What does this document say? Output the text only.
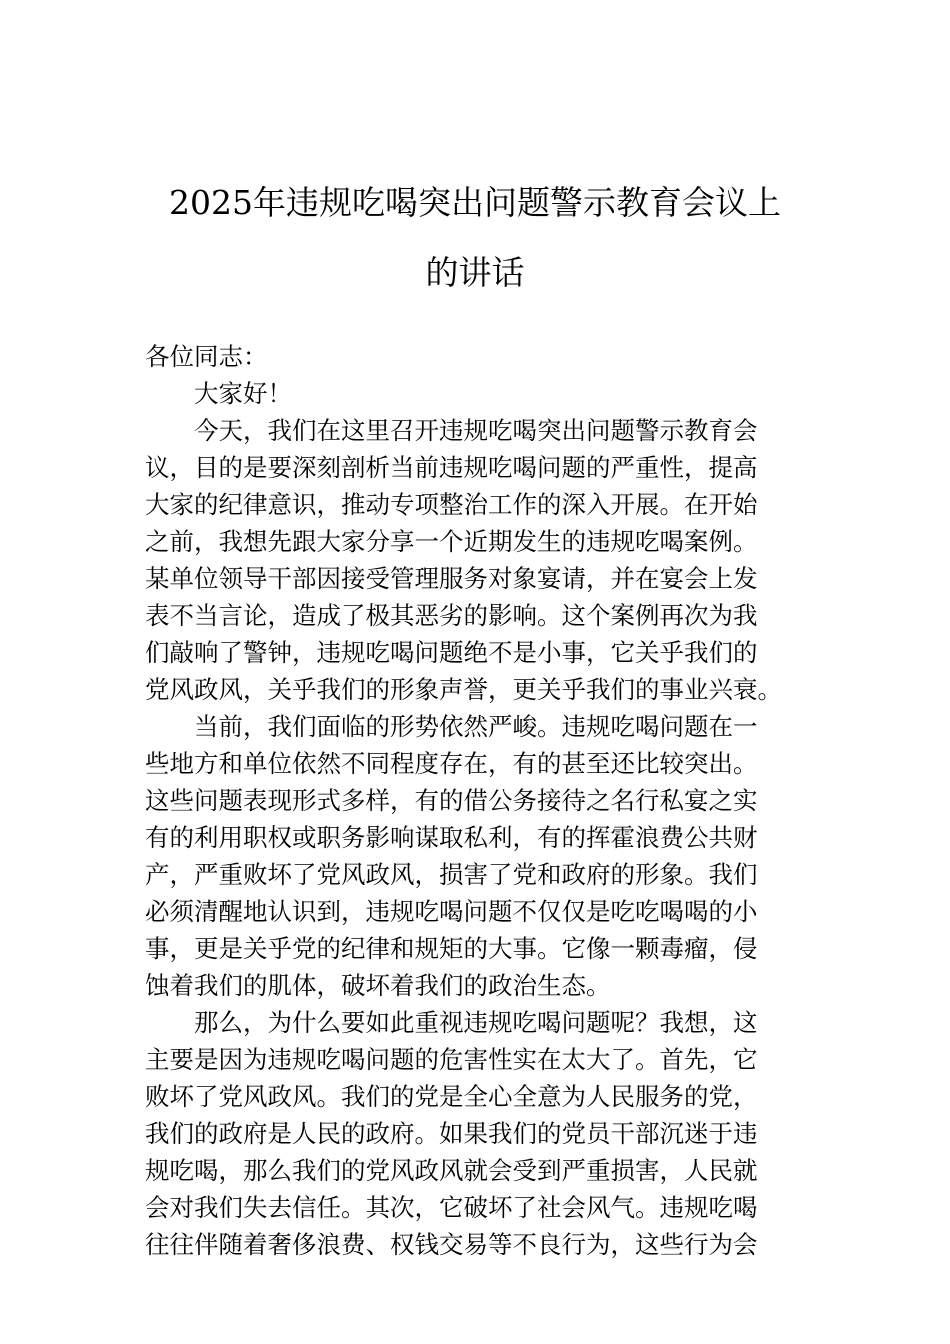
2025年违规吃喝突出问题警示教育会议上
的讲话
各位同志：
大家好！
今天，我们在这里召开违规吃喝突出问题警示教育会
议，目的是要深刻剖析当前违规吃喝问题的严重性，提高
大家的纪律意识，推动专项整治工作的深入开展。在开始
之前，我想先跟大家分享一个近期发生的违规吃喝案例。
某单位领导干部因接受管理服务对象宴请，并在宴会上发
表不当言论，造成了极其恶劣的影响。这个案例再次为我
们敲响了警钟，违规吃喝问题绝不是小事，它关乎我们的
党风政风，关乎我们的形象声誉，更关乎我们的事业兴衰。
当前，我们面临的形势依然严峻。违规吃喝问题在一
些地方和单位依然不同程度存在，有的甚至还比较突出。
这些问题表现形式多样，有的借公务接待之名行私宴之实
有的利用职权或职务影响谋取私利，有的挥霍浪费公共财
产，严重败坏了党风政风，损害了党和政府的形象。我们
必须清醒地认识到，违规吃喝问题不仅仅是吃吃喝喝的小
事，更是关乎党的纪律和规矩的大事。它像一颗毒瘤，侵
蚀着我们的肌体，破坏着我们的政治生态。
那么，为什么要如此重视违规吃喝问题呢？我想，这
主要是因为违规吃喝问题的危害性实在太大了。首先，它
败坏了党风政风。我们的党是全心全意为人民服务的党，
我们的政府是人民的政府。如果我们的党员干部沉迷于违
规吃喝，那么我们的党风政风就会受到严重损害，人民就
会对我们失去信任。其次，它破坏了社会风气。违规吃喝
往往伴随着奢侈浪费、权钱交易等不良行为，这些行为会
